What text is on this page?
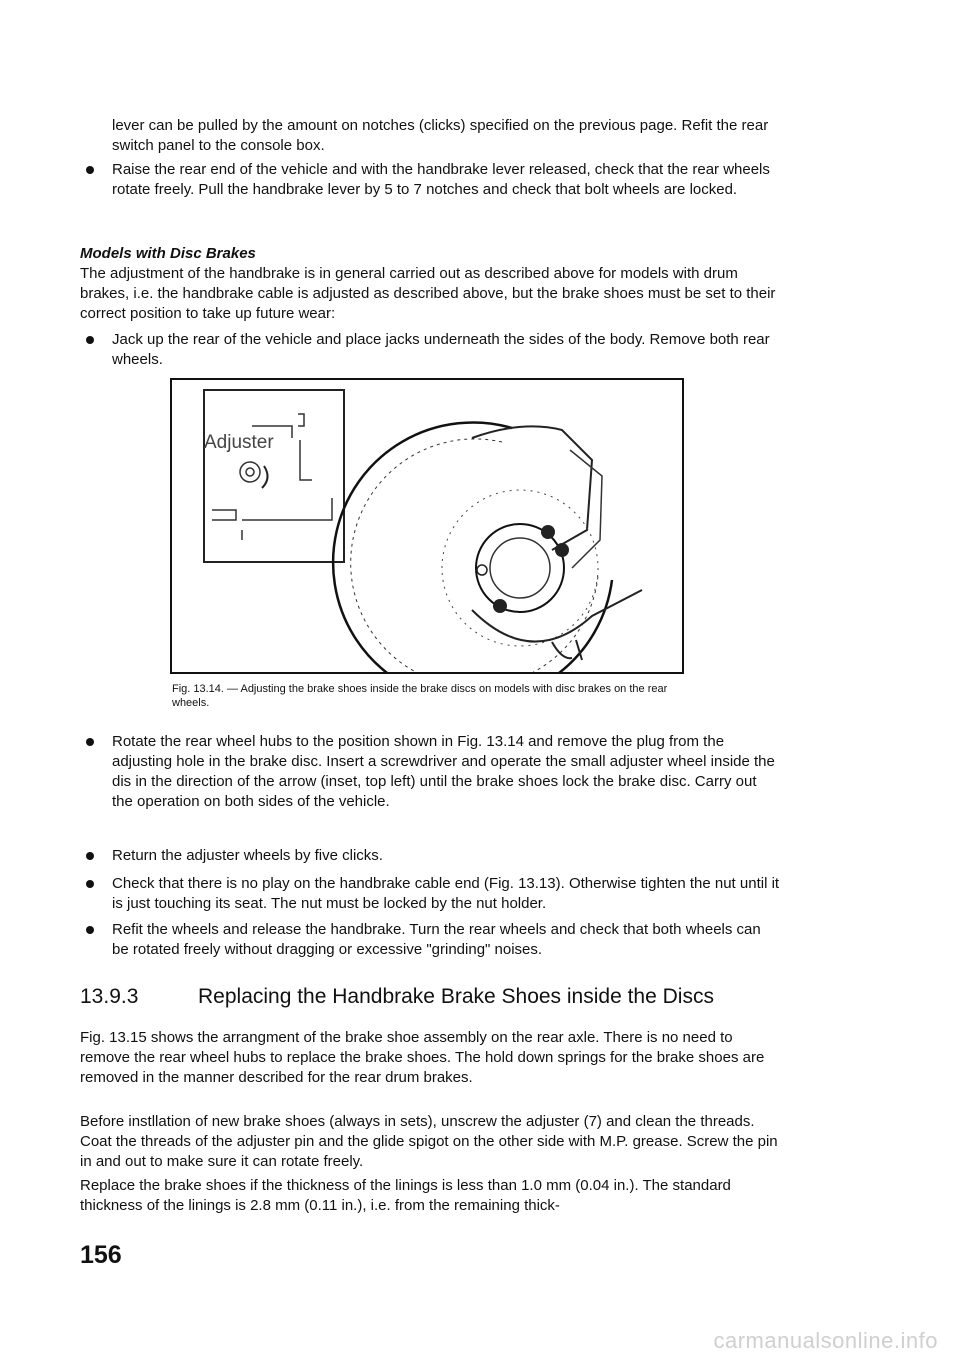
lever can be pulled by the amount on notches (clicks) specified on the previous page. Refit the rear switch panel to the console box.

Raise the rear end of the vehicle and with the handbrake lever released, check that the rear wheels rotate freely. Pull the handbrake lever by 5 to 7 notches and check that bolt wheels are locked.

Models with Disc Brakes

The adjustment of the handbrake is in general carried out as described above for models with drum brakes, i.e. the handbrake cable is adjusted as described above, but the brake shoes must be set to their correct position to take up future wear:

Jack up the rear of the vehicle and place jacks underneath the sides of the body. Remove both rear wheels.

Adjuster

Fig. 13.14. — Adjusting the brake shoes inside the brake discs on models with disc brakes on the rear wheels.

Rotate the rear wheel hubs to the position shown in Fig. 13.14 and remove the plug from the adjusting hole in the brake disc. Insert a screwdriver and operate the small adjuster wheel inside the dis in the direction of the arrow (inset, top left) until the brake shoes lock the brake disc. Carry out the operation on both sides of the vehicle.

Return the adjuster wheels by five clicks.

Check that there is no play on the handbrake cable end (Fig. 13.13). Otherwise tighten the nut until it is just touching its seat. The nut must be locked by the nut holder.

Refit the wheels and release the handbrake. Turn the rear wheels and check that both wheels can be rotated freely without dragging or excessive "grinding" noises.

13.9.3	Replacing the Handbrake Brake Shoes inside the Discs

Fig. 13.15 shows the arrangment of the brake shoe assembly on the rear axle. There is no need to remove the rear wheel hubs to replace the brake shoes. The hold down springs for the brake shoes are removed in the manner described for the rear drum brakes.

Before instllation of new brake shoes (always in sets), unscrew the adjuster (7) and clean the threads. Coat the threads of the adjuster pin and the glide spigot on the other side with M.P. grease. Screw the pin in and out to make sure it can rotate freely.

Replace the brake shoes if the thickness of the linings is less than 1.0 mm (0.04 in.). The standard thickness of the linings is 2.8 mm (0.11 in.), i.e. from the remaining thick-

156
carmanualsonline.info
